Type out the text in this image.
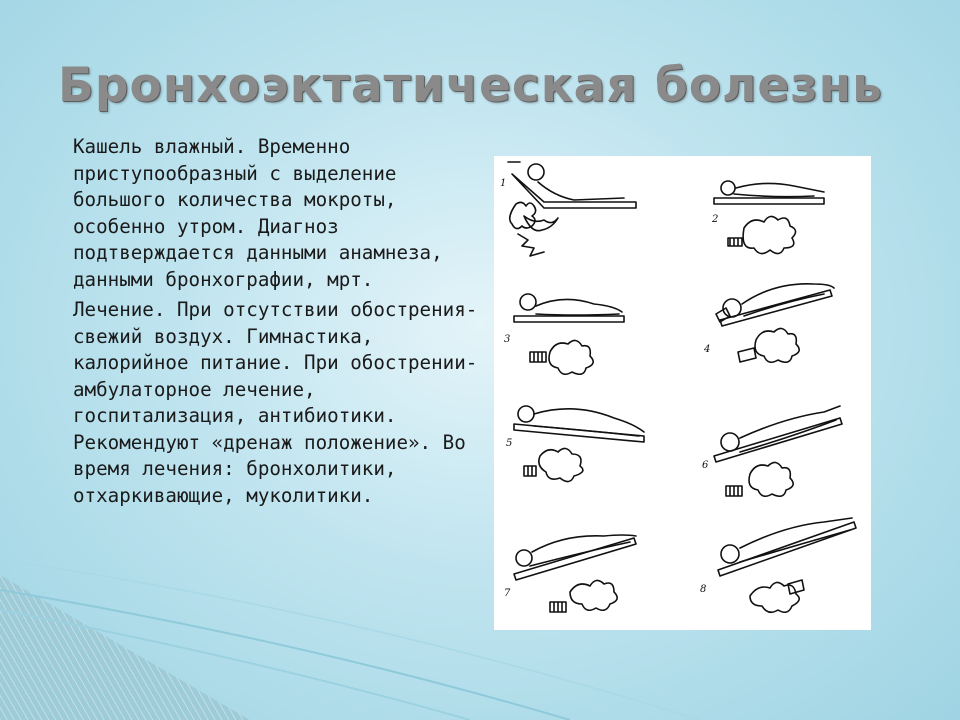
Бронхоэктатическая болезнь

Кашель влажный. Временно приступообразный с выделение большого количества мокроты, особенно утром. Диагноз подтверждается данными анамнеза, данными бронхографии, мрт.

Лечение. При отсутствии обострения-свежий воздух. Гимнастика, калорийное питание. При обострении- амбулаторное лечение, госпитализация, антибиотики. Рекомендуют «дренаж положение». Во время лечения: бронхолитики, отхаркивающие, муколитики.

1
2
3
4
5
6
7	8
